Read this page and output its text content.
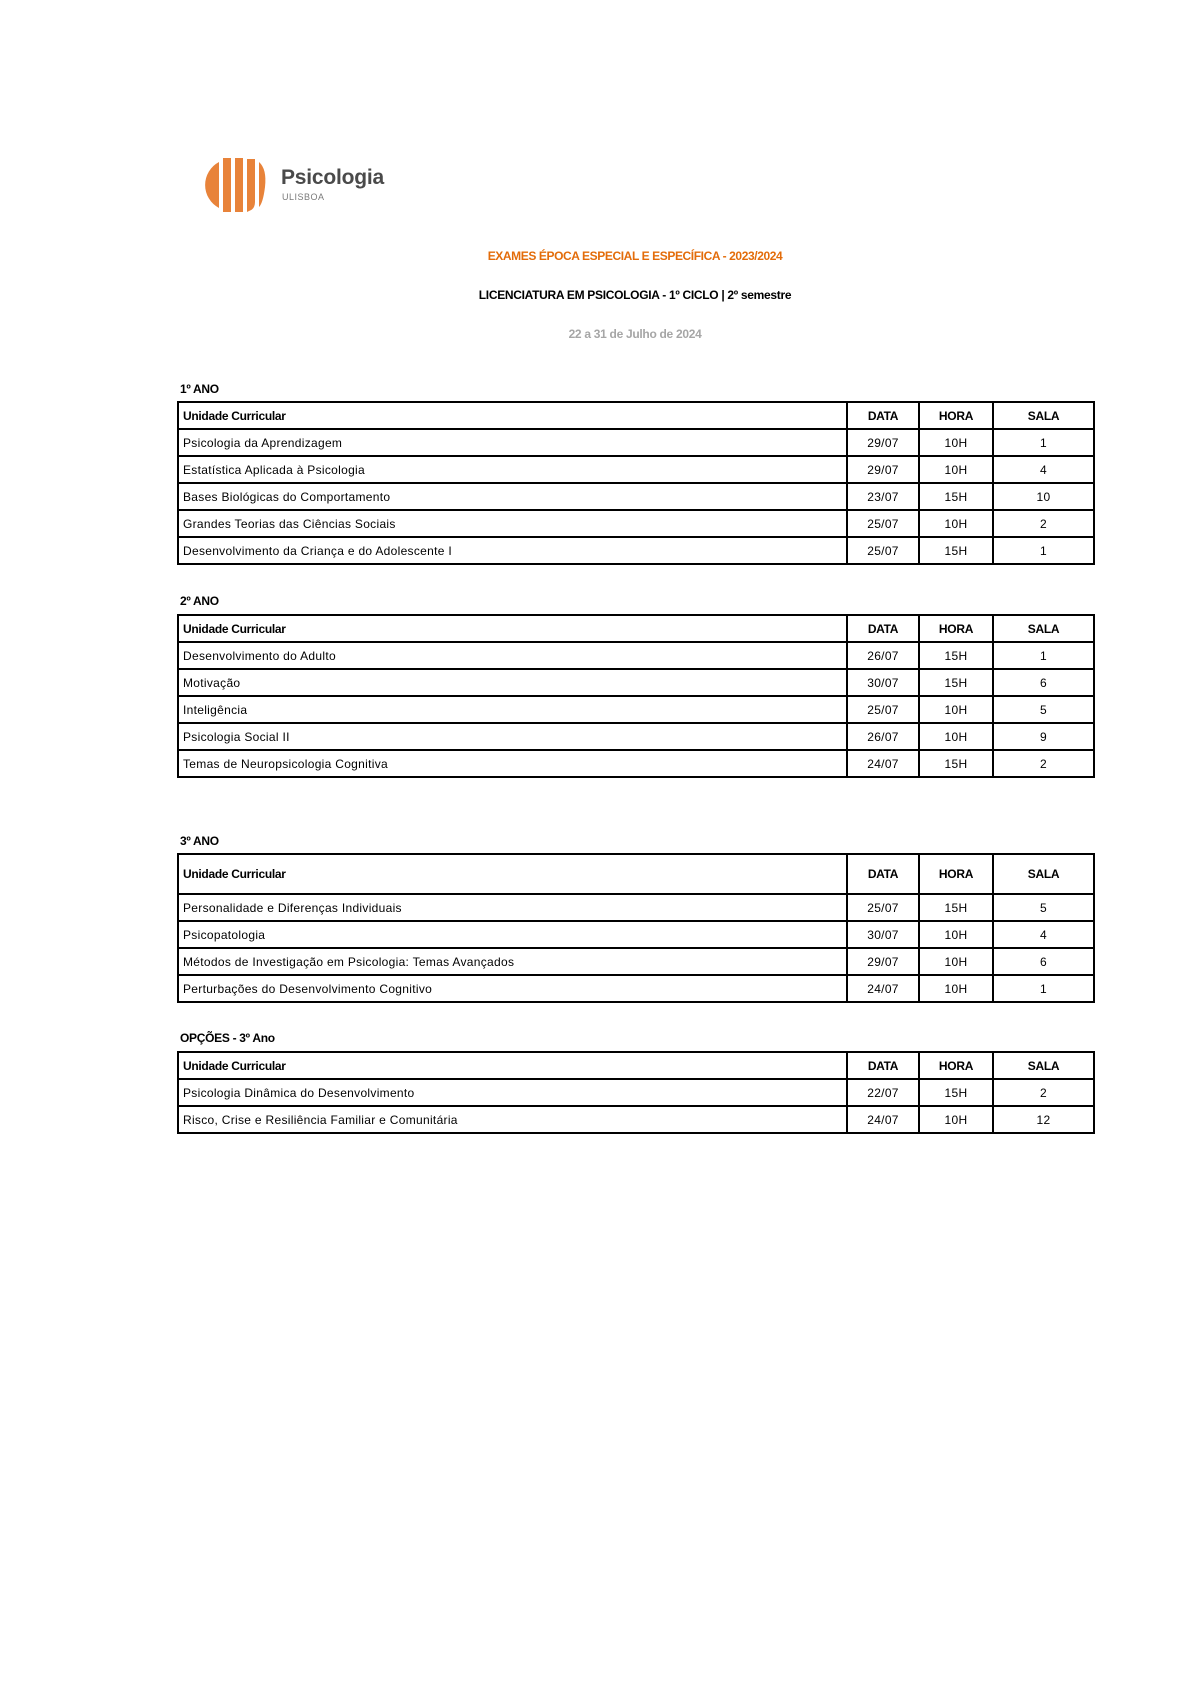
Psicologia
ULISBOA
EXAMES ÉPOCA ESPECIAL E ESPECÍFICA - 2023/2024
LICENCIATURA EM PSICOLOGIA - 1º CICLO | 2º semestre
22 a 31 de Julho de 2024
1º ANO
Unidade Curricular	DATA	HORA	SALA
Psicologia da Aprendizagem	29/07	10H	1
Estatística Aplicada à Psicologia	29/07	10H	4
Bases Biológicas do Comportamento	23/07	15H	10
Grandes Teorias das Ciências Sociais	25/07	10H	2
Desenvolvimento da Criança e do Adolescente I	25/07	15H	1
2º ANO
Unidade Curricular	DATA	HORA	SALA
Desenvolvimento do Adulto	26/07	15H	1
Motivação	30/07	15H	6
Inteligência	25/07	10H	5
Psicologia Social II	26/07	10H	9
Temas de Neuropsicologia Cognitiva	24/07	15H	2
3º ANO
Unidade Curricular	DATA	HORA	SALA
Personalidade e Diferenças Individuais	25/07	15H	5
Psicopatologia	30/07	10H	4
Métodos de Investigação em Psicologia: Temas Avançados	29/07	10H	6
Perturbações do Desenvolvimento Cognitivo	24/07	10H	1
OPÇÕES - 3º Ano
Unidade Curricular	DATA	HORA	SALA
Psicologia Dinâmica do Desenvolvimento	22/07	15H	2
Risco, Crise e Resiliência Familiar e Comunitária	24/07	10H	12
